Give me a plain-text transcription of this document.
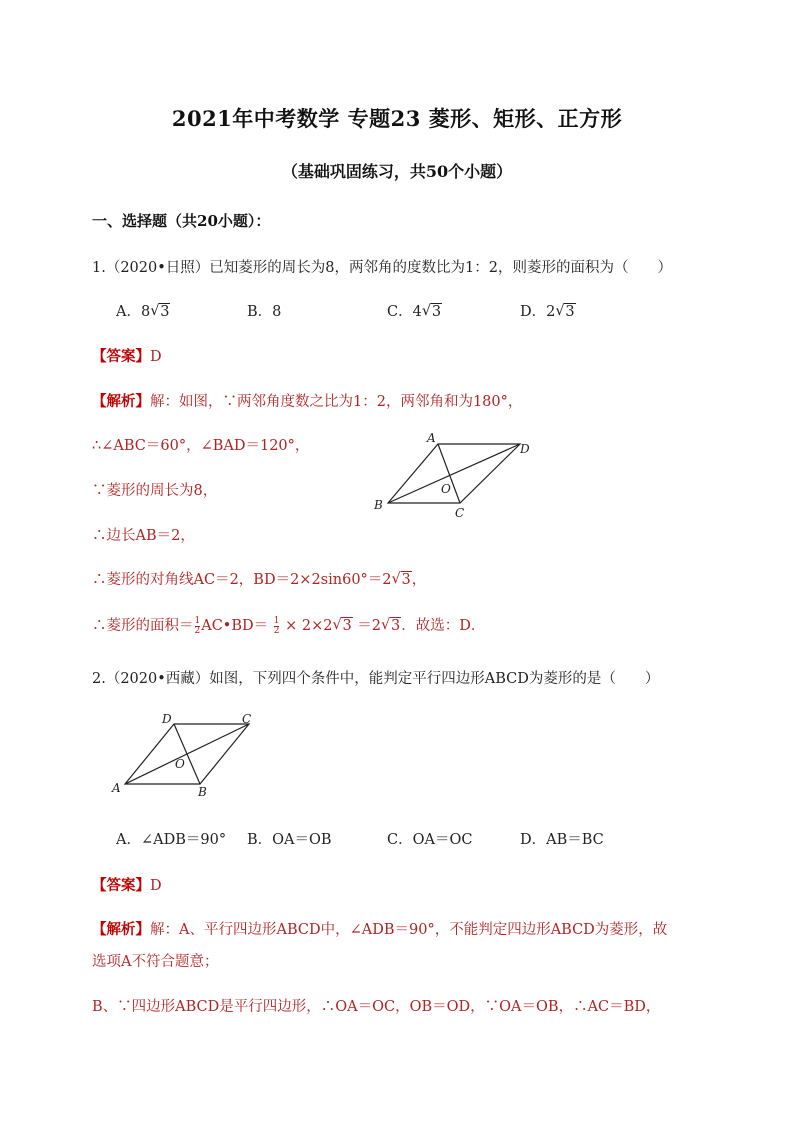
2021年中考数学 专题23 菱形、矩形、正方形
（基础巩固练习，共50个小题）
一、选择题（共20小题）：
1.（2020•日照）已知菱形的周长为8，两邻角的度数比为1：2，则菱形的面积为（　　）
A．8√ 3	B．8	C．4√ 3	D．2√ 3
【答案】D
【解析】解：如图，∵两邻角度数之比为1：2，两邻角和为180°，
∴∠ABC＝60°，∠BAD＝120°，
∵菱形的周长为8，
∴边长AB＝2，
∴菱形的对角线AC＝2，BD＝2×2sin60°＝2√ 3，
∴菱形的面积＝ $\frac{1}{2}$ AC•BD＝ $\frac{1}{2} \times 2\times 2√$ 3 ＝2√ 3．故选：D．
A
D
B
C
O
2.（2020•西藏）如图，下列四个条件中，能判定平行四边形ABCD为菱形的是（　　）
D	C
A	B
O
A．∠ADB＝90° B．OA＝OB	C．OA＝OC	D．AB＝BC
【答案】D
【解析】解：A、平行四边形ABCD中，∠ADB＝90°，不能判定四边形ABCD为菱形，故
选项A不符合题意；
B、∵四边形ABCD是平行四边形，∴OA＝OC，OB＝OD，∵OA＝OB，∴AC＝BD，
